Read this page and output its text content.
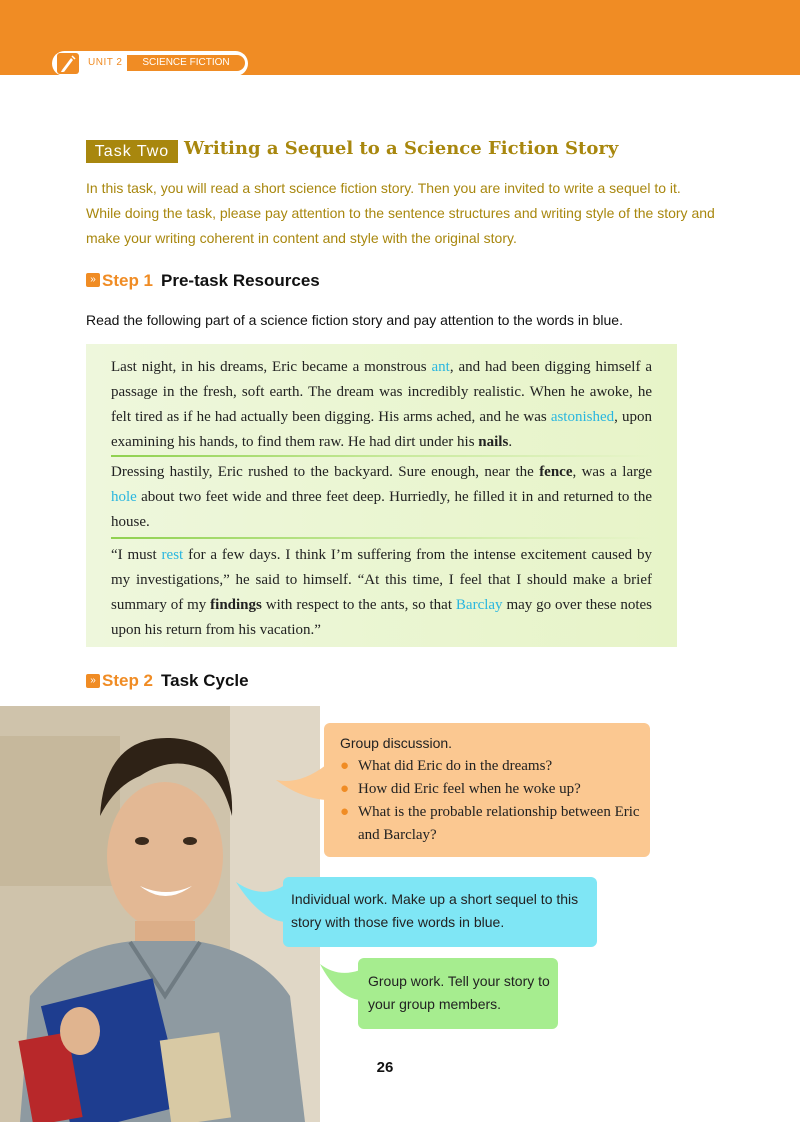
UNIT 2	SCIENCE FICTION
Task Two Writing a Sequel to a Science Fiction Story
In this task, you will read a short science fiction story. Then you are invited to write a sequel to it. While doing the task, please pay attention to the sentence structures and writing style of the story and make your writing coherent in content and style with the original story.
» Step 1 Pre-task Resources
Read the following part of a science fiction story and pay attention to the words in blue.
Last night, in his dreams, Eric became a monstrous ant, and had been digging himself a passage in the fresh, soft earth. The dream was incredibly realistic. When he awoke, he felt tired as if he had actually been digging. His arms ached, and he was astonished, upon examining his hands, to find them raw. He had dirt under his nails.
Dressing hastily, Eric rushed to the backyard. Sure enough, near the fence, was a large hole about two feet wide and three feet deep. Hurriedly, he filled it in and returned to the house.
“I must rest for a few days. I think I’m suffering from the intense excitement caused by my investigations,” he said to himself. “At this time, I feel that I should make a brief summary of my findings with respect to the ants, so that Barclay may go over these notes upon his return from his vacation.”
» Step 2 Task Cycle
Group discussion.
● What did Eric do in the dreams?
● How did Eric feel when he woke up?
● What is the probable relationship between Eric and Barclay?
Individual work. Make up a short sequel to this story with those five words in blue.
Group work. Tell your story to your group members.
26
